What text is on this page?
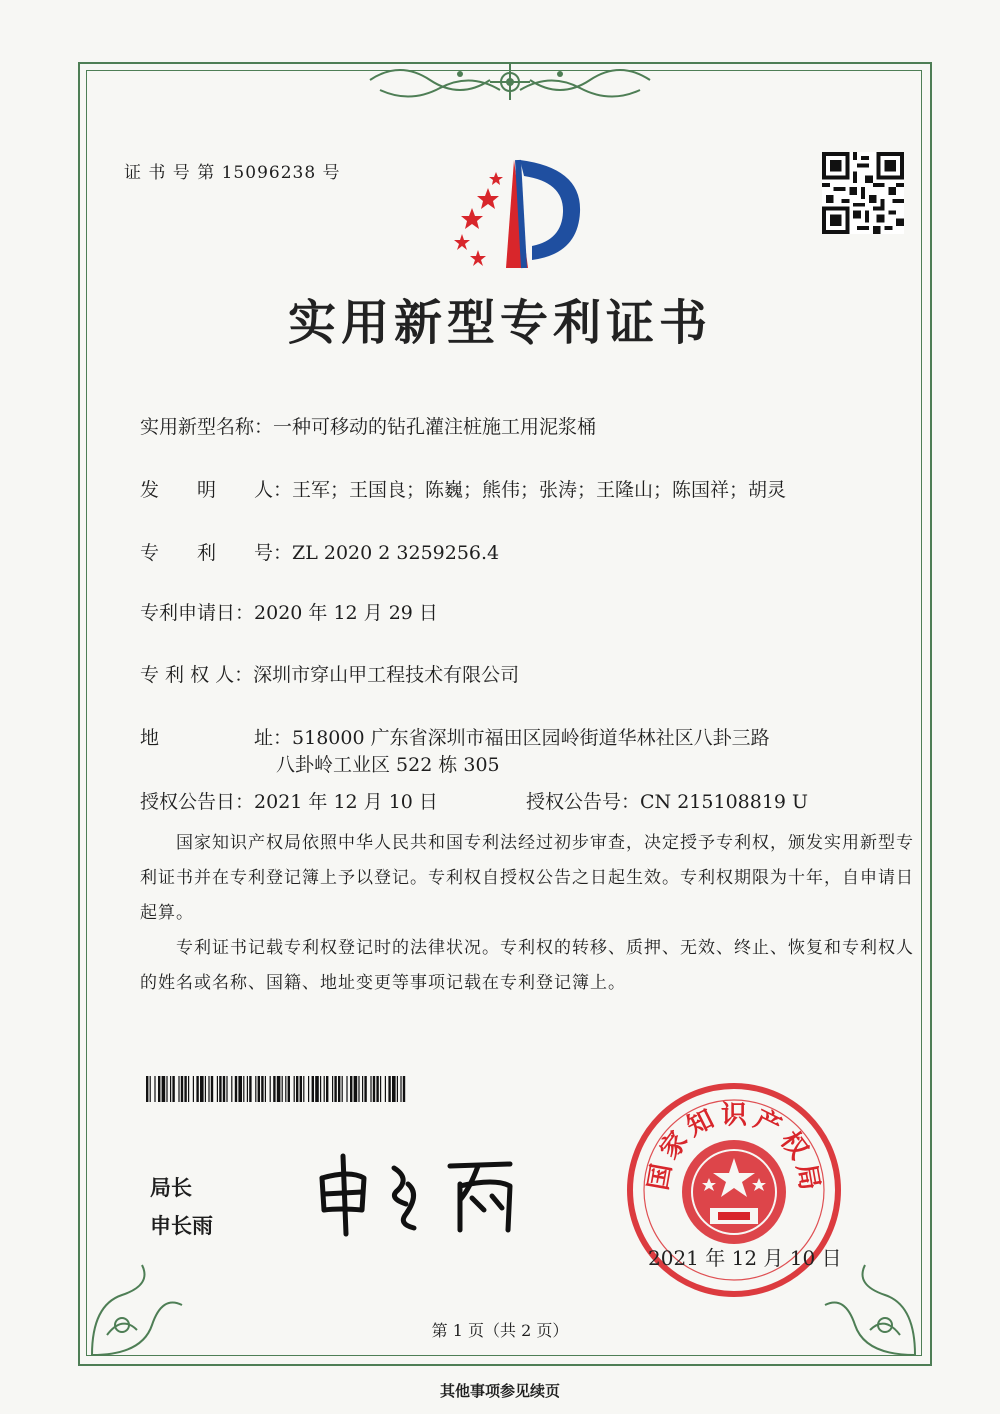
证 书 号 第 15096238 号
实用新型专利证书
实用新型名称：一种可移动的钻孔灌注桩施工用泥浆桶
发　　明　　人：王军；王国良；陈巍；熊伟；张涛；王隆山；陈国祥；胡灵
专　　利　　号：ZL 2020 2 3259256.4
专利申请日：2020 年 12 月 29 日
专 利 权 人：深圳市穿山甲工程技术有限公司
地　　　　　址：518000 广东省深圳市福田区园岭街道华林社区八卦三路
八卦岭工业区 522 栋 305
授权公告日：2021 年 12 月 10 日	授权公告号：CN 215108819 U
国家知识产权局依照中华人民共和国专利法经过初步审查，决定授予专利权，颁发实用新型专利证书并在专利登记簿上予以登记。专利权自授权公告之日起生效。专利权期限为十年，自申请日起算。
专利证书记载专利权登记时的法律状况。专利权的转移、质押、无效、终止、恢复和专利权人的姓名或名称、国籍、地址变更等事项记载在专利登记簿上。
局长
申长雨
国
家
知 识 产
权
局
2021 年 12 月 10 日
第 1 页（共 2 页）
其他事项参见续页
